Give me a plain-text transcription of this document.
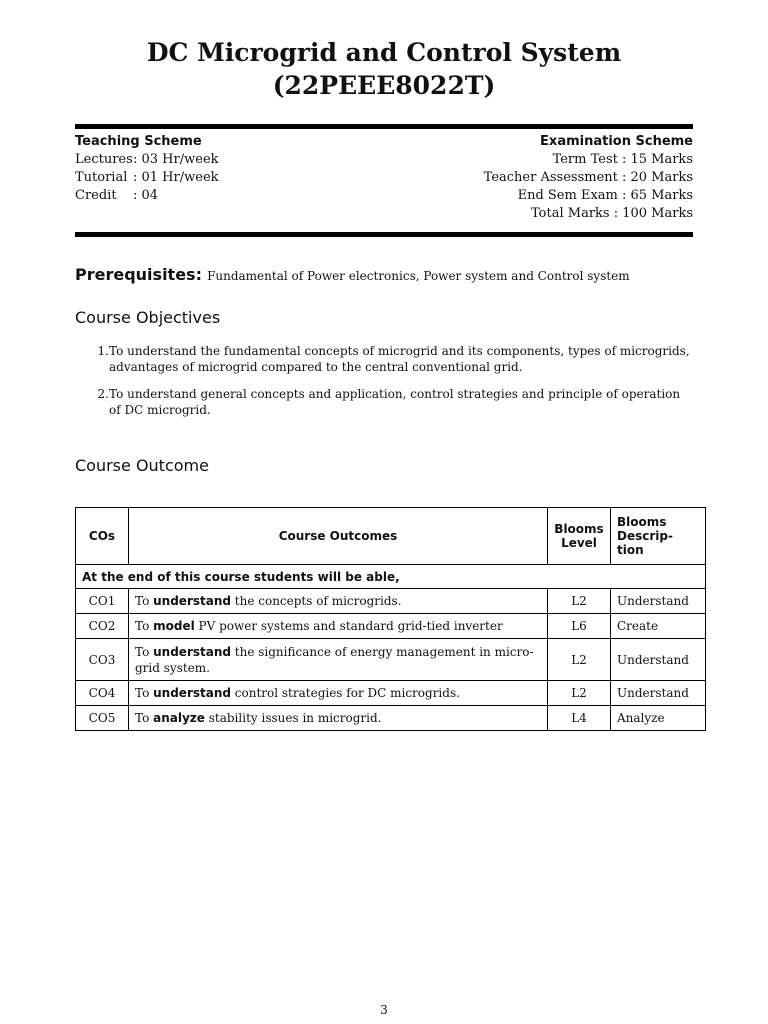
DC Microgrid and Control System
(22PEEE8022T)
Teaching Scheme
Lectures: 03 Hr/week
Tutorial : 01 Hr/week
Credit : 04
Examination Scheme
Term Test : 15 Marks
Teacher Assessment : 20 Marks
End Sem Exam : 65 Marks
Total Marks : 100 Marks
Prerequisites: Fundamental of Power electronics, Power system and Control system
Course Objectives
1. To understand the fundamental concepts of microgrid and its components, types of microgrids, advantages of microgrid compared to the central conventional grid.
2. To understand general concepts and application, control strategies and principle of operation of DC microgrid.
Course Outcome
COs	Course Outcomes	Blooms Level	Blooms Descrip-tion
At the end of this course students will be able,			
CO1	To understand the concepts of microgrids.	L2	Understand
CO2	To model PV power systems and standard grid-tied inverter	L6	Create
CO3	To understand the significance of energy management in micro-grid system.	L2	Understand
CO4	To understand control strategies for DC microgrids.	L2	Understand
CO5	To analyze stability issues in microgrid.	L4	Analyze
3
